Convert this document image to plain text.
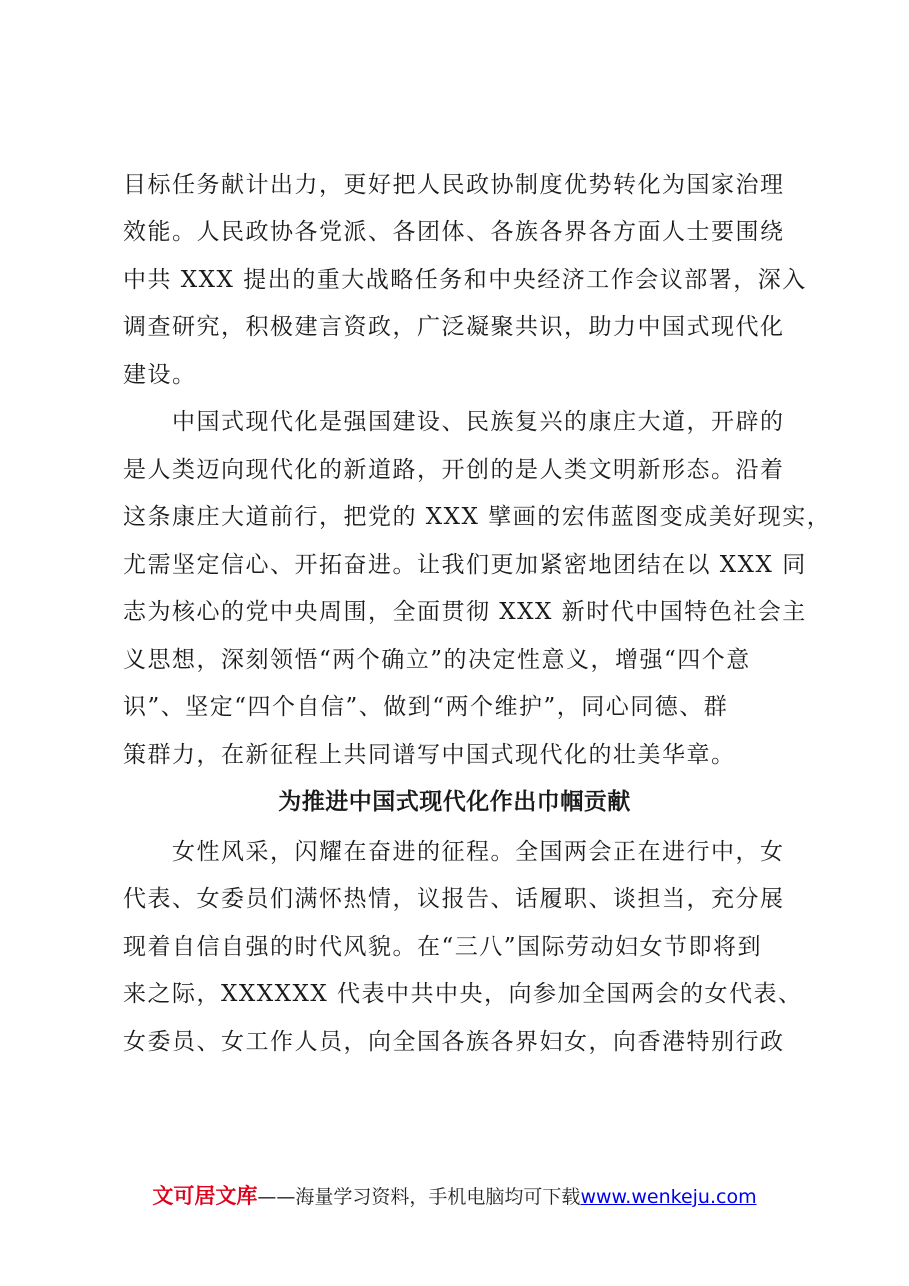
目标任务献计出力，更好把人民政协制度优势转化为国家治理
效能。人民政协各党派、各团体、各族各界各方面人士要围绕
中共 XXX 提出的重大战略任务和中央经济工作会议部署，深入
调查研究，积极建言资政，广泛凝聚共识，助力中国式现代化
建设。
中国式现代化是强国建设、民族复兴的康庄大道，开辟的
是人类迈向现代化的新道路，开创的是人类文明新形态。沿着
这条康庄大道前行，把党的 XXX 擘画的宏伟蓝图变成美好现实，
尤需坚定信心、开拓奋进。让我们更加紧密地团结在以 XXX 同
志为核心的党中央周围，全面贯彻 XXX 新时代中国特色社会主
义思想，深刻领悟“两个确立”的决定性意义，增强“四个意
识”、坚定“四个自信”、做到“两个维护”，同心同德、群
策群力，在新征程上共同谱写中国式现代化的壮美华章。
为推进中国式现代化作出巾帼贡献
女性风采，闪耀在奋进的征程。全国两会正在进行中，女
代表、女委员们满怀热情，议报告、话履职、谈担当，充分展
现着自信自强的时代风貌。在“三八”国际劳动妇女节即将到
来之际，XXXXXX 代表中共中央，向参加全国两会的女代表、
女委员、女工作人员，向全国各族各界妇女，向香港特别行政
文可居文库——海量学习资料，手机电脑均可下载www.wenkeju.com
